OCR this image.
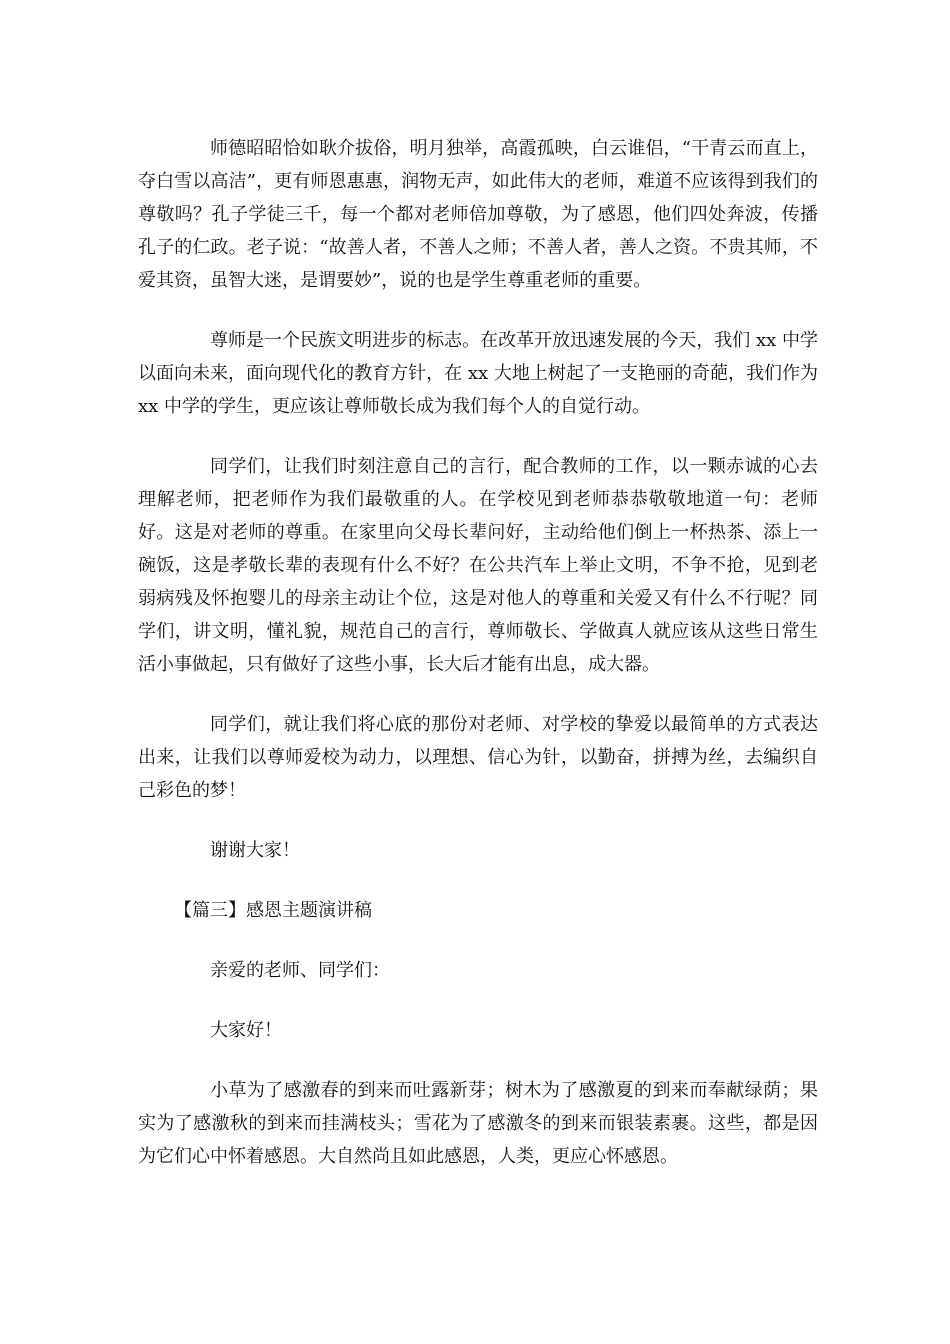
师德昭昭恰如耿介拔俗，明月独举，高霞孤映，白云谁侣，“干青云而直上，夺白雪以高洁”，更有师恩惠惠，润物无声，如此伟大的老师，难道不应该得到我们的尊敬吗？孔子学徒三千，每一个都对老师倍加尊敬，为了感恩，他们四处奔波，传播孔子的仁政。老子说：“故善人者，不善人之师；不善人者，善人之资。不贵其师，不爱其资，虽智大迷，是谓要妙”，说的也是学生尊重老师的重要。

尊师是一个民族文明进步的标志。在改革开放迅速发展的今天，我们 xx 中学以面向未来，面向现代化的教育方针，在 xx 大地上树起了一支艳丽的奇葩，我们作为 xx 中学的学生，更应该让尊师敬长成为我们每个人的自觉行动。

同学们，让我们时刻注意自己的言行，配合教师的工作，以一颗赤诚的心去理解老师，把老师作为我们最敬重的人。在学校见到老师恭恭敬敬地道一句：老师好。这是对老师的尊重。在家里向父母长辈问好，主动给他们倒上一杯热茶、添上一碗饭，这是孝敬长辈的表现有什么不好？在公共汽车上举止文明，不争不抢，见到老弱病残及怀抱婴儿的母亲主动让个位，这是对他人的尊重和关爱又有什么不行呢？同学们，讲文明，懂礼貌，规范自己的言行，尊师敬长、学做真人就应该从这些日常生活小事做起，只有做好了这些小事，长大后才能有出息，成大器。

同学们，就让我们将心底的那份对老师、对学校的挚爱以最简单的方式表达出来，让我们以尊师爱校为动力，以理想、信心为针，以勤奋，拼搏为丝，去编织自己彩色的梦！

谢谢大家！

【篇三】感恩主题演讲稿

亲爱的老师、同学们：

大家好！

小草为了感激春的到来而吐露新芽；树木为了感激夏的到来而奉献绿荫；果实为了感激秋的到来而挂满枝头；雪花为了感激冬的到来而银装素裹。这些，都是因为它们心中怀着感恩。大自然尚且如此感恩，人类，更应心怀感恩。
